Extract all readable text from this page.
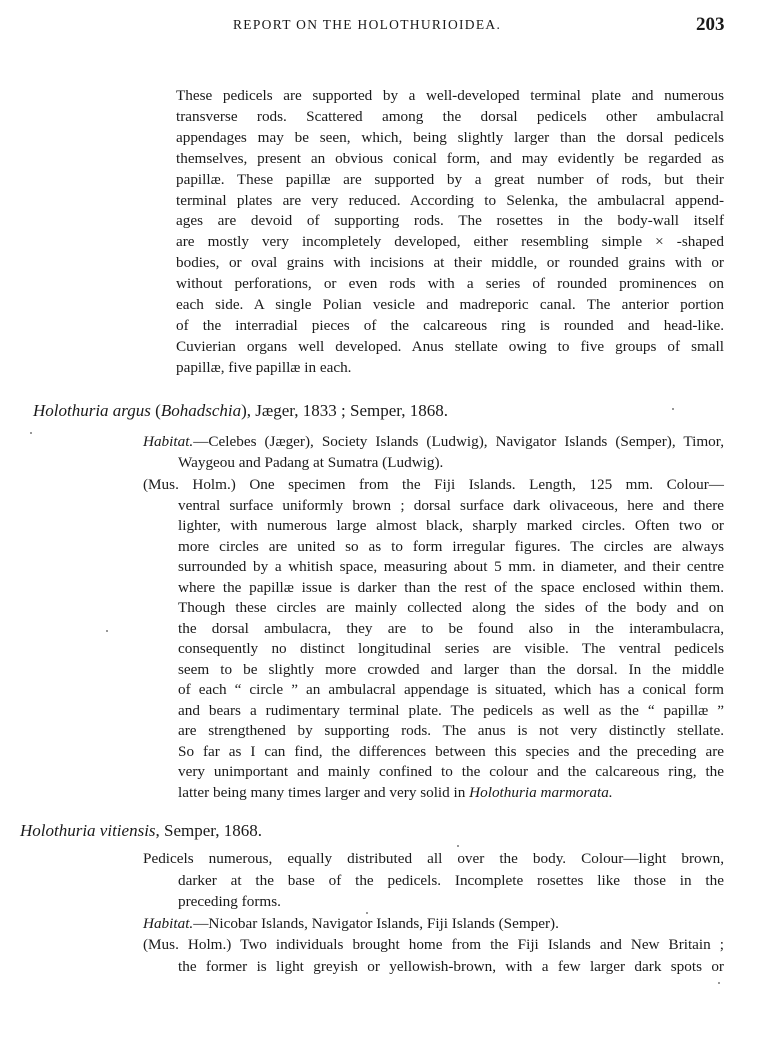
REPORT ON THE HOLOTHURIOIDEA.	203
These pedicels are supported by a well-developed terminal plate and numerous
transverse rods. Scattered among the dorsal pedicels other ambulacral
appendages may be seen, which, being slightly larger than the dorsal pedicels
themselves, present an obvious conical form, and may evidently be regarded as
papillæ. These papillæ are supported by a great number of rods, but their
terminal plates are very reduced. According to Selenka, the ambulacral append-
ages are devoid of supporting rods. The rosettes in the body-wall itself
are mostly very incompletely developed, either resembling simple × -shaped
bodies, or oval grains with incisions at their middle, or rounded grains with or
without perforations, or even rods with a series of rounded prominences on
each side. A single Polian vesicle and madreporic canal. The anterior portion
of the interradial pieces of the calcareous ring is rounded and head-like.
Cuvierian organs well developed. Anus stellate owing to five groups of small
papillæ, five papillæ in each.
Holothuria argus (Bohadschia), Jæger, 1833 ; Semper, 1868.
Habitat.—Celebes (Jæger), Society Islands (Ludwig), Navigator Islands (Semper), Timor,
Waygeou and Padang at Sumatra (Ludwig).
(Mus. Holm.) One specimen from the Fiji Islands. Length, 125 mm. Colour—
ventral surface uniformly brown ; dorsal surface dark olivaceous, here and there
lighter, with numerous large almost black, sharply marked circles. Often two or
more circles are united so as to form irregular figures. The circles are always
surrounded by a whitish space, measuring about 5 mm. in diameter, and their centre
where the papillæ issue is darker than the rest of the space enclosed within them.
Though these circles are mainly collected along the sides of the body and on
the dorsal ambulacra, they are to be found also in the interambulacra,
consequently no distinct longitudinal series are visible. The ventral pedicels
seem to be slightly more crowded and larger than the dorsal. In the middle
of each “ circle ” an ambulacral appendage is situated, which has a conical form
and bears a rudimentary terminal plate. The pedicels as well as the “ papillæ ”
are strengthened by supporting rods. The anus is not very distinctly stellate.
So far as I can find, the differences between this species and the preceding are
very unimportant and mainly confined to the colour and the calcareous ring, the
latter being many times larger and very solid in Holothuria marmorata.
Holothuria vitiensis, Semper, 1868.
Pedicels numerous, equally distributed all over the body. Colour—light brown,
darker at the base of the pedicels. Incomplete rosettes like those in the
preceding forms.
Habitat.—Nicobar Islands, Navigator Islands, Fiji Islands (Semper).
(Mus. Holm.) Two individuals brought home from the Fiji Islands and New Britain ;
the former is light greyish or yellowish-brown, with a few larger dark spots or
